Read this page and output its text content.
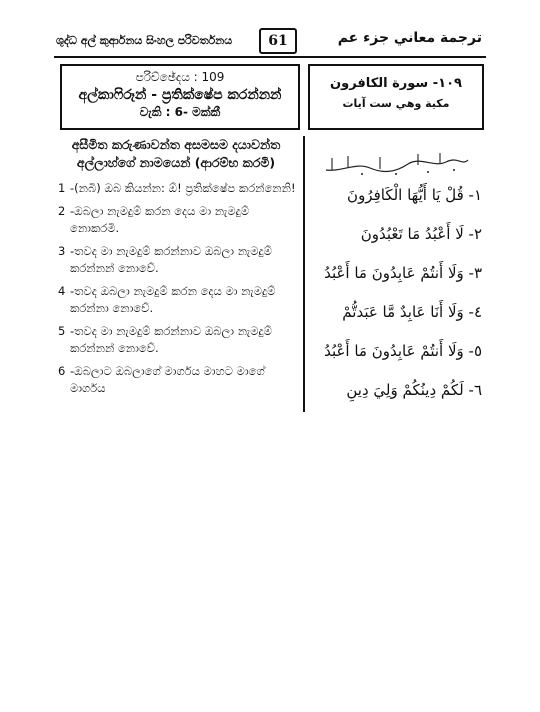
ශුද්ධ අල් කුර්ආනය සිංහල පරිවර්තනය	61	ترجمة معاني جزء عم
පරිච්ඡේදය : 109
අල්කාෆිරූන් - ප්‍රතික්ෂේප කරන්නන්
වැකි : 6- මක්කී
١٠٩- سورة الكافرون
مكية وهي ست آيات
අසීමිත කරුණාවන්ත අසමසම දයාවන්ත අල්ලාහ්ගේ නාමයෙන් (ආරම්භ කරමි)
1 -(නබි) ඔබ කියන්න: ඕ! ප්‍රතික්ෂේප කරන්නෙනි!
2 -ඔබලා නැමදුම් කරන දෙය මා නැමදුම් නොකරමි.
3 -තවද මා නැමදුම් කරන්නාව ඔබලා නැමදුම් කරන්නන් නොවේ.
4 -තවද ඔබලා නැමදුම් කරන දෙය මා නැමදුම් කරන්නා නොවේ.
5 -තවද මා නැමදුම් කරන්නාව ඔබලා නැමදුම් කරන්නන් නොවේ.
6 -ඔබලාට ඔබලාගේ මාර්ගය මාහට මාගේ මාර්ගය
١- قُلْ يَا أَيُّهَا الْكَافِرُونَ
٢- لَا أَعْبُدُ مَا تَعْبُدُونَ
٣- وَلَا أَنتُمْ عَابِدُونَ مَا أَعْبُدُ
٤- وَلَا أَنَا عَابِدٌ مَّا عَبَدتُّمْ
٥- وَلَا أَنتُمْ عَابِدُونَ مَا أَعْبُدُ
٦- لَكُمْ دِينُكُمْ وَلِيَ دِينِ
